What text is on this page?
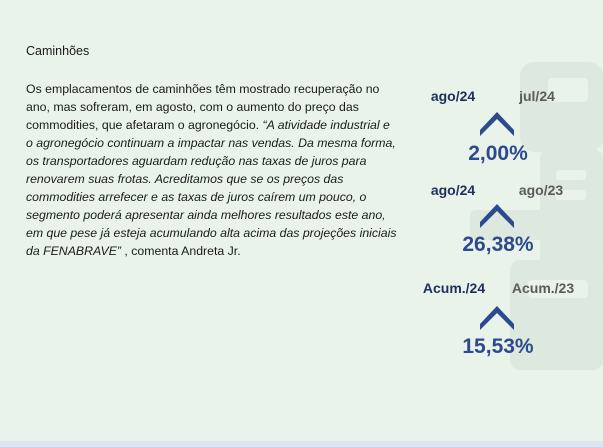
Caminhões

Os emplacamentos de caminhões têm mostrado recuperação no ano, mas sofreram, em agosto, com o aumento do preço das commodities, que afetaram o agronegócio. “A atividade industrial e o agronegócio continuam a impactar nas vendas. Da mesma forma, os transportadores aguardam redução nas taxas de juros para renovarem suas frotas. Acreditamos que se os preços das commodities arrefecer e as taxas de juros caírem um pouco, o segmento poderá apresentar ainda melhores resultados este ano, em que pese já esteja acumulando alta acima das projeções iniciais da FENABRAVE” , comenta Andreta Jr.

ago/24	jul/24
2,00%
ago/24	ago/23
26,38%
Acum./24	Acum./23
15,53%
